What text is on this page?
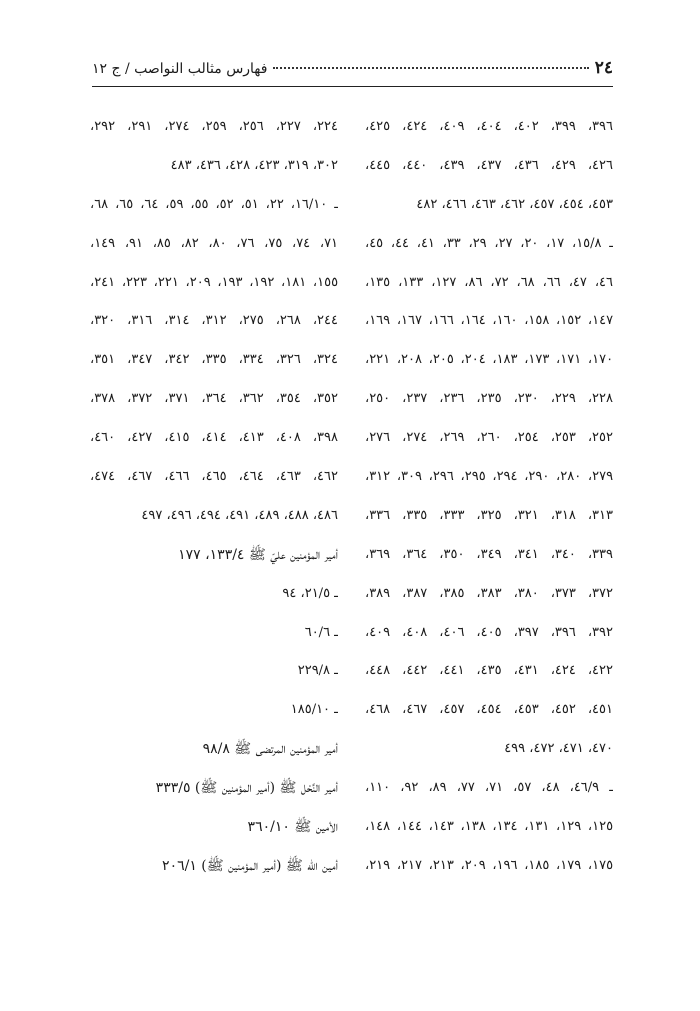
٢٤
فهارس مثالب النواصب / ج ١٢
٣٩٦، ٣٩٩، ٤٠٢، ٤٠٤، ٤٠٩، ٤٢٤، ٤٢٥،
٤٢٦، ٤٢٩، ٤٣٦، ٤٣٧، ٤٣٩، ٤٤٠، ٤٤٥،
٤٥٣، ٤٥٤، ٤٥٧، ٤٦٢، ٤٦٣، ٤٦٦، ٤٨٢
ـ ١٥/٨، ١٧، ٢٠، ٢٧، ٢٩، ٣٣، ٤١، ٤٤، ٤٥،
٤٦، ٤٧، ٦٦، ٦٨، ٧٢، ٨٦، ١٢٧، ١٣٣، ١٣٥،
١٤٧، ١٥٢، ١٥٨، ١٦٠، ١٦٤، ١٦٦، ١٦٧، ١٦٩،
١٧٠، ١٧١، ١٧٣، ١٨٣، ٢٠٤، ٢٠٥، ٢٠٨، ٢٢١،
٢٢٨، ٢٢٩، ٢٣٠، ٢٣٥، ٢٣٦، ٢٣٧، ٢٥٠،
٢٥٢، ٢٥٣، ٢٥٤، ٢٦٠، ٢٦٩، ٢٧٤، ٢٧٦،
٢٧٩، ٢٨٠، ٢٩٠، ٢٩٤، ٢٩٥، ٢٩٦، ٣٠٩، ٣١٢،
٣١٣، ٣١٨، ٣٢١، ٣٢٥، ٣٣٣، ٣٣٥، ٣٣٦،
٣٣٩، ٣٤٠، ٣٤١، ٣٤٩، ٣٥٠، ٣٦٤، ٣٦٩،
٣٧٢، ٣٧٣، ٣٨٠، ٣٨٣، ٣٨٥، ٣٨٧، ٣٨٩،
٣٩٢، ٣٩٦، ٣٩٧، ٤٠٥، ٤٠٦، ٤٠٨، ٤٠٩،
٤٢٢، ٤٢٤، ٤٣١، ٤٣٥، ٤٤١، ٤٤٢، ٤٤٨،
٤٥١، ٤٥٢، ٤٥٣، ٤٥٤، ٤٥٧، ٤٦٧، ٤٦٨،
٤٧٠، ٤٧١، ٤٧٢، ٤٩٩
ـ ٤٦/٩، ٤٨، ٥٧، ٧١، ٧٧، ٨٩، ٩٢، ١١٠،
١٢٥، ١٢٩، ١٣١، ١٣٤، ١٣٨، ١٤٣، ١٤٤، ١٤٨،
١٧٥، ١٧٩، ١٨٥، ١٩٦، ٢٠٩، ٢١٣، ٢١٧، ٢١٩،
٢٢٤، ٢٢٧، ٢٥٦، ٢٥٩، ٢٧٤، ٢٩١، ٢٩٢،
٣٠٢، ٣١٩، ٤٢٣، ٤٢٨، ٤٣٦، ٤٨٣
ـ ١٦/١٠، ٢٢، ٥١، ٥٢، ٥٥، ٥٩، ٦٤، ٦٥، ٦٨،
٧١، ٧٤، ٧٥، ٧٦، ٨٠، ٨٢، ٨٥، ٩١، ١٤٩،
١٥٥، ١٨١، ١٩٢، ١٩٣، ٢٠٩، ٢٢١، ٢٢٣، ٢٤١،
٢٤٤، ٢٦٨، ٢٧٥، ٣١٢، ٣١٤، ٣١٦، ٣٢٠،
٣٢٤، ٣٢٦، ٣٣٤، ٣٣٥، ٣٤٢، ٣٤٧، ٣٥١،
٣٥٢، ٣٥٤، ٣٦٢، ٣٦٤، ٣٧١، ٣٧٢، ٣٧٨،
٣٩٨، ٤٠٨، ٤١٣، ٤١٤، ٤١٥، ٤٢٧، ٤٦٠،
٤٦٢، ٤٦٣، ٤٦٤، ٤٦٥، ٤٦٦، ٤٦٧، ٤٧٤،
٤٨٦، ٤٨٨، ٤٨٩، ٤٩١، ٤٩٤، ٤٩٦، ٤٩٧
أمير المؤمنين عليّ ﷺ ١٣٣/٤، ١٧٧
ـ ٢١/٥، ٩٤
ـ ٦٠/٦
ـ ٢٢٩/٨
ـ ١٨٥/١٠
أمير المؤمنين المرتضى ﷺ ٩٨/٨
أمير النَّحْل ﷺ (أمير المؤمنين ﷺ) ٣٣٣/٥
الأمين ﷺ ٣٦٠/١٠
أمين الله ﷺ (أمير المؤمنين ﷺ) ٢٠٦/١
